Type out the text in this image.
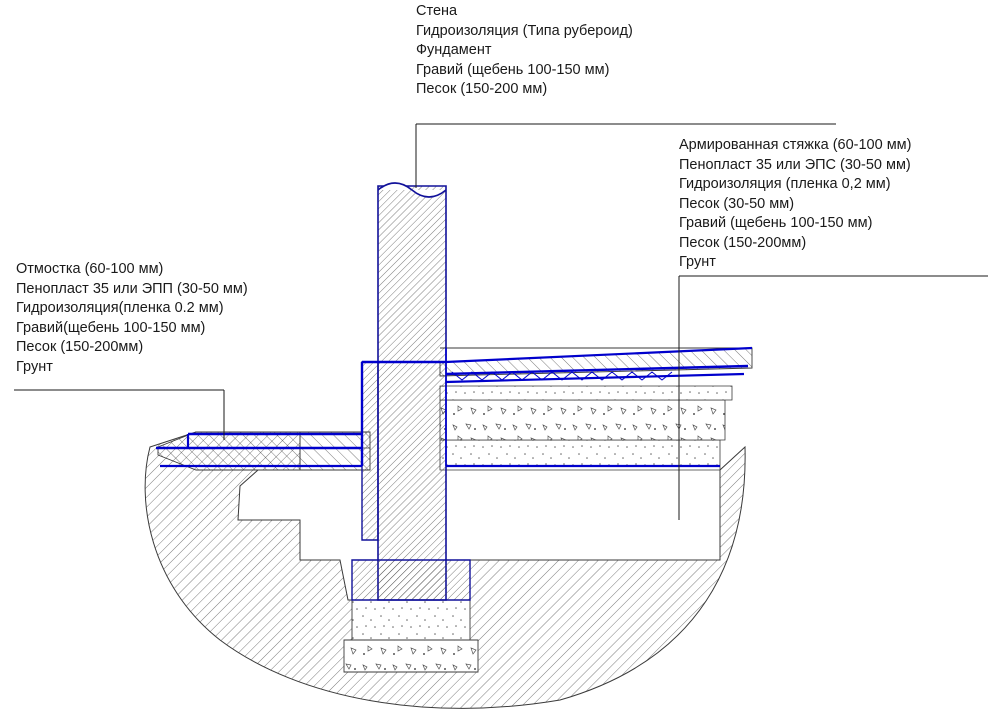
Стена
Гидроизоляция (Типа рубероид)
Фундамент
Гравий (щебень 100-150 мм)
Песок (150-200 мм)
Армированная стяжка (60-100 мм)
Пенопласт 35 или ЭПС (30-50 мм)
Гидроизоляция (пленка 0,2 мм)
Песок (30-50 мм)
Гравий (щебень 100-150 мм)
Песок (150-200мм)
Грунт
Отмостка (60-100 мм)
Пенопласт 35 или ЭПП (30-50 мм)
Гидроизоляция(пленка 0.2 мм)
Гравий(щебень 100-150 мм)
Песок (150-200мм)
Грунт
